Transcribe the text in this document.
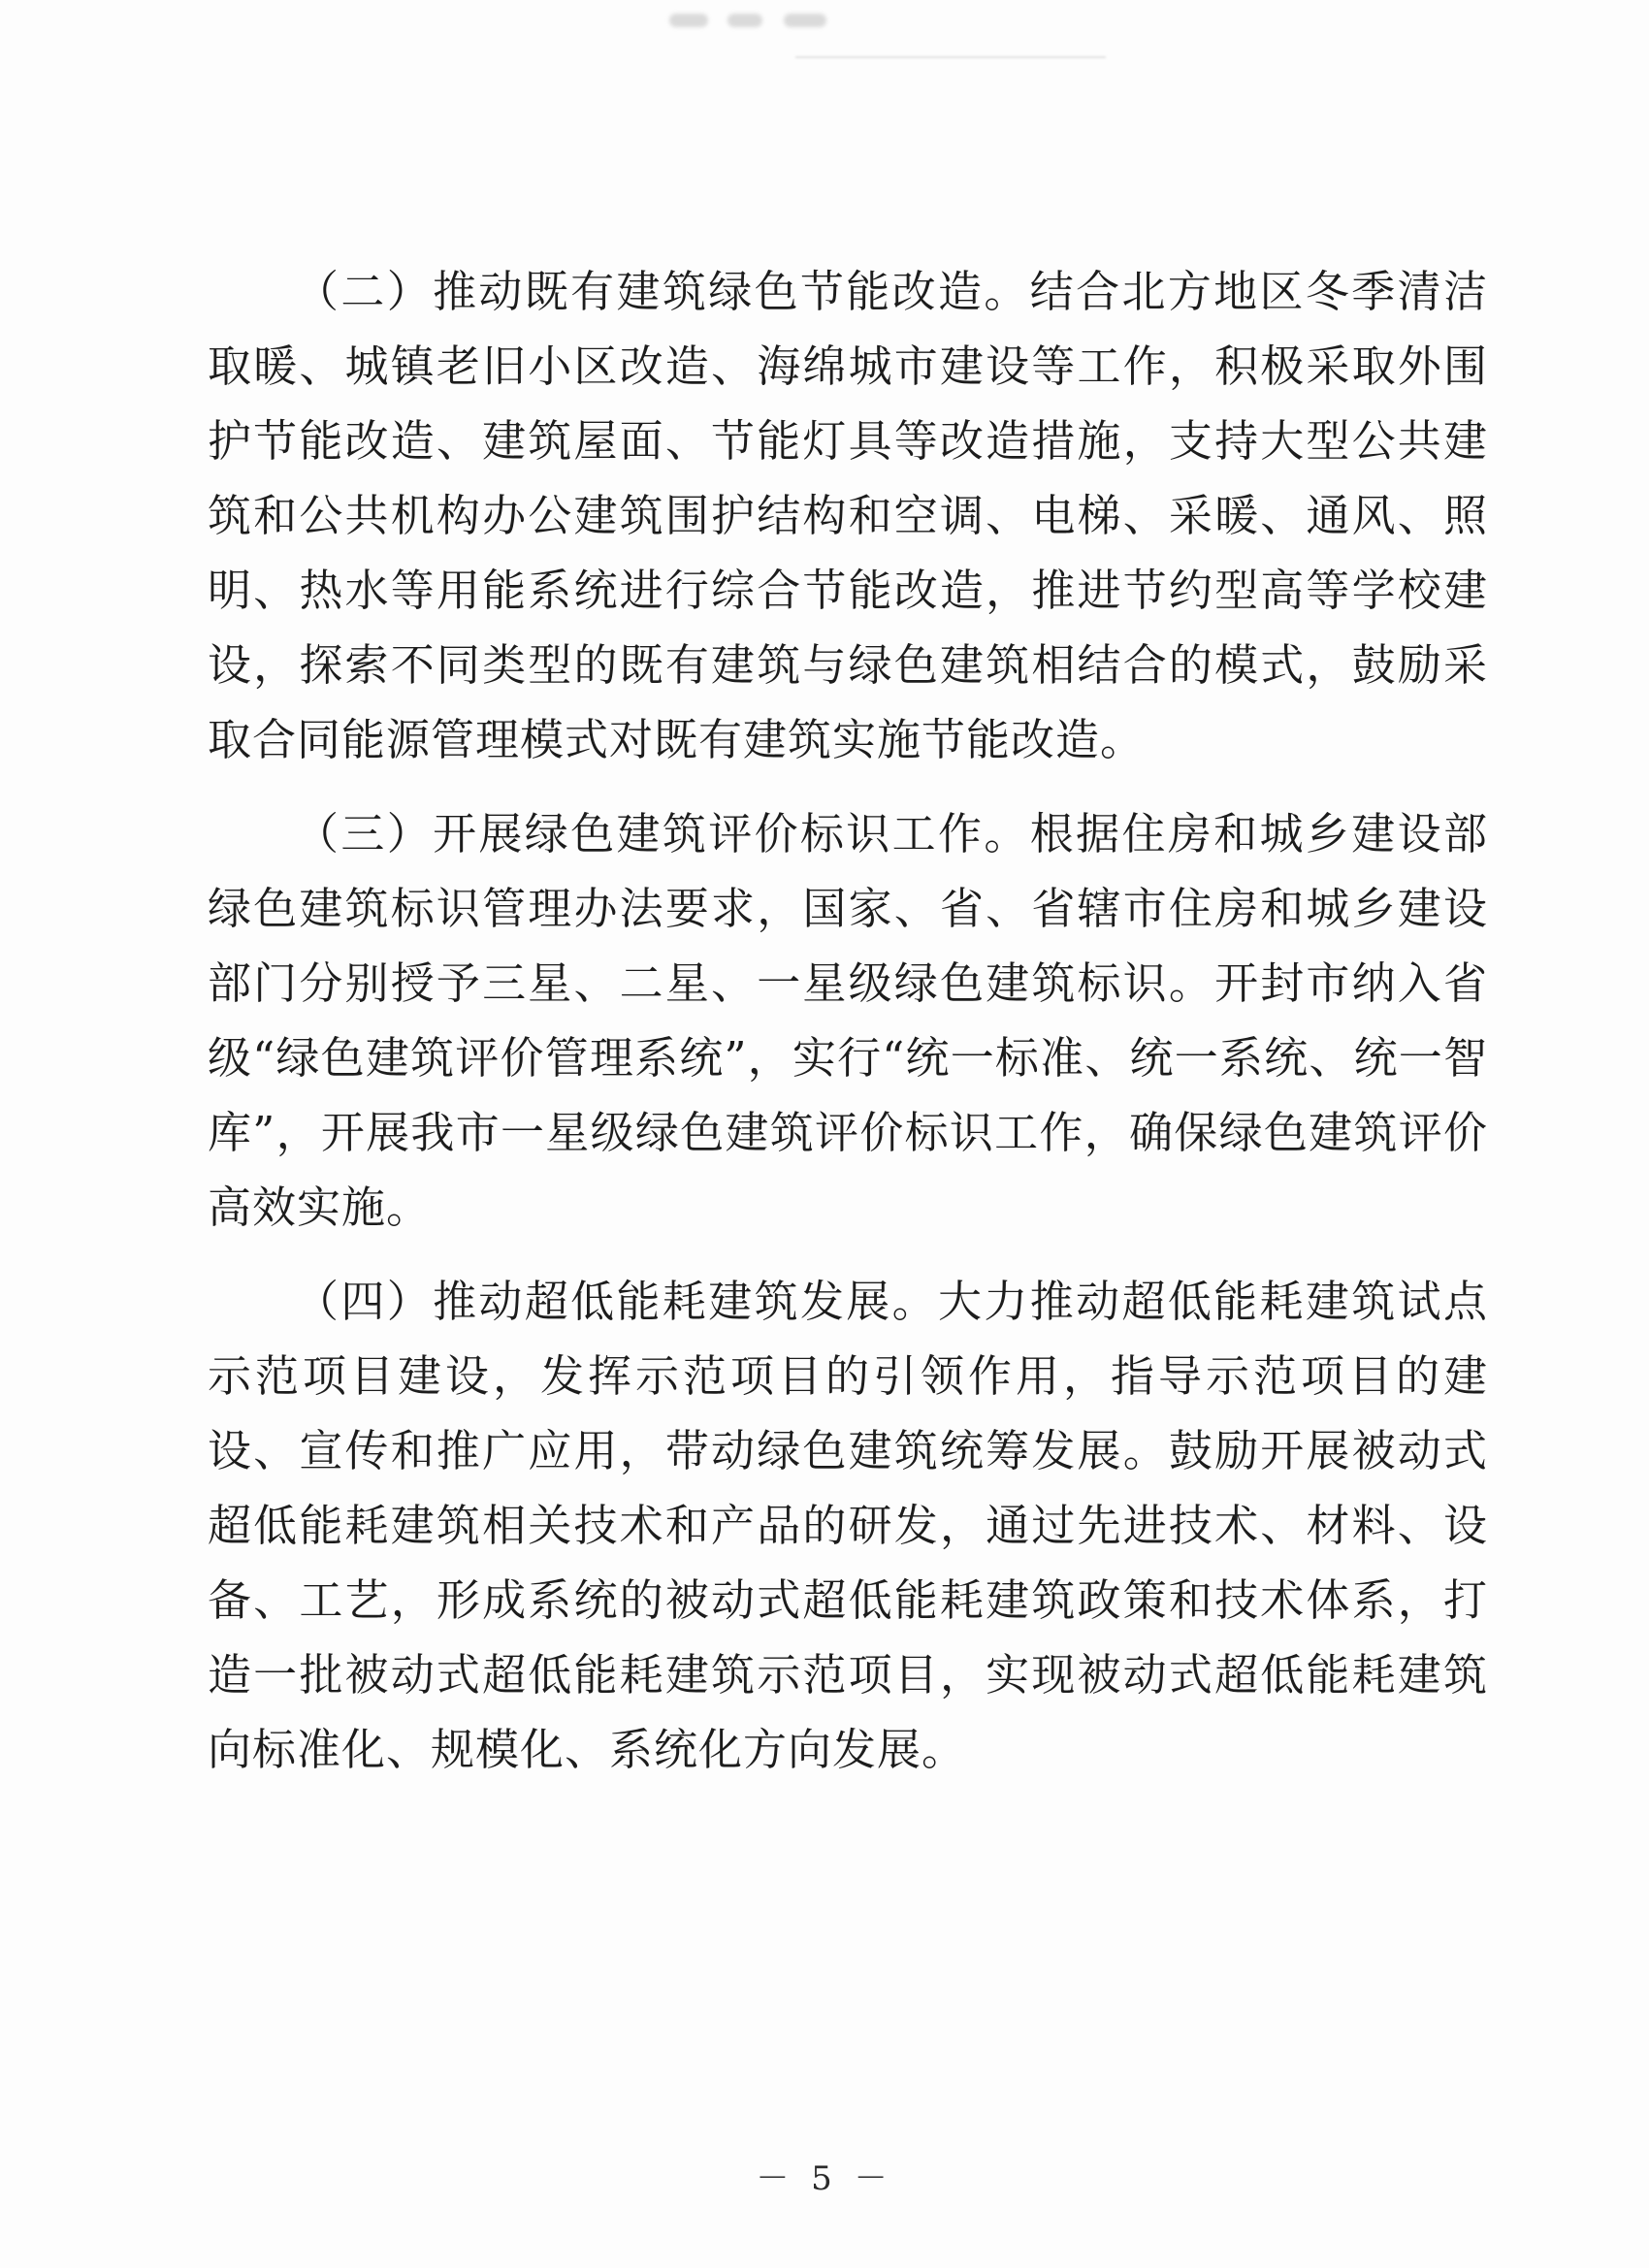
（二）推动既有建筑绿色节能改造。结合北方地区冬季清洁取暖、城镇老旧小区改造、海绵城市建设等工作，积极采取外围护节能改造、建筑屋面、节能灯具等改造措施，支持大型公共建筑和公共机构办公建筑围护结构和空调、电梯、采暖、通风、照明、热水等用能系统进行综合节能改造，推进节约型高等学校建设，探索不同类型的既有建筑与绿色建筑相结合的模式，鼓励采取合同能源管理模式对既有建筑实施节能改造。

（三）开展绿色建筑评价标识工作。根据住房和城乡建设部绿色建筑标识管理办法要求，国家、省、省辖市住房和城乡建设部门分别授予三星、二星、一星级绿色建筑标识。开封市纳入省级“绿色建筑评价管理系统”，实行“统一标准、统一系统、统一智库”，开展我市一星级绿色建筑评价标识工作，确保绿色建筑评价高效实施。

（四）推动超低能耗建筑发展。大力推动超低能耗建筑试点示范项目建设，发挥示范项目的引领作用，指导示范项目的建设、宣传和推广应用，带动绿色建筑统筹发展。鼓励开展被动式超低能耗建筑相关技术和产品的研发，通过先进技术、材料、设备、工艺，形成系统的被动式超低能耗建筑政策和技术体系，打造一批被动式超低能耗建筑示范项目，实现被动式超低能耗建筑向标准化、规模化、系统化方向发展。

－ 5 －
